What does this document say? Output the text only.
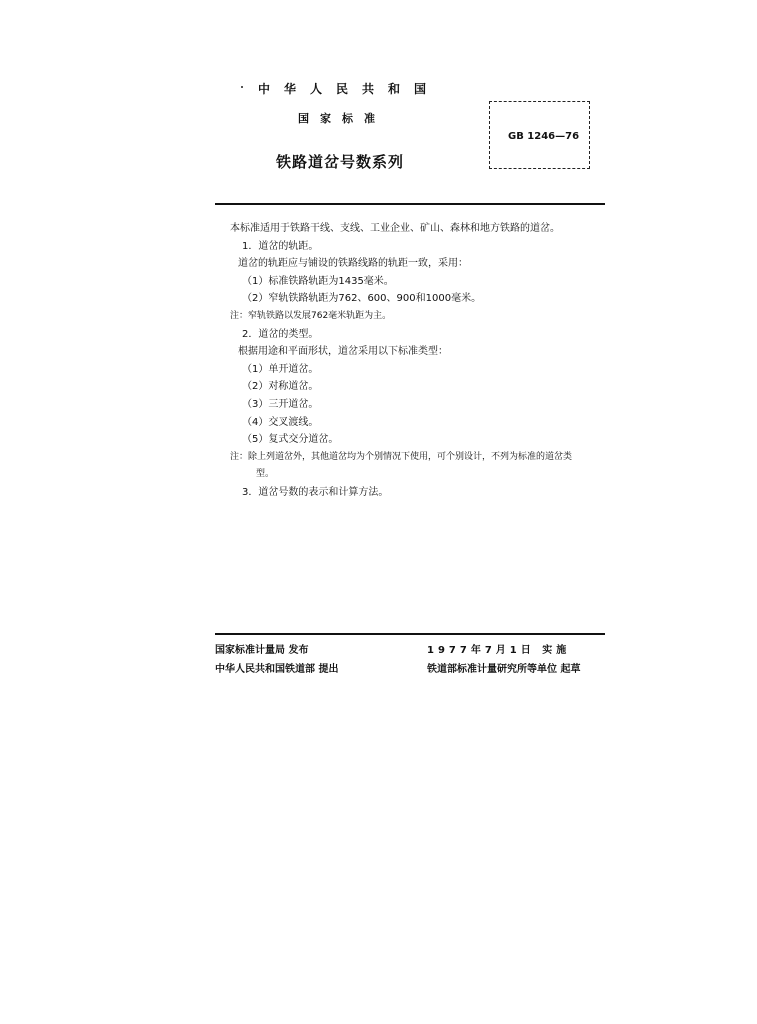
中华人民共和国
国家标准
铁路道岔号数系列
GB 1246—76
本标准适用于铁路干线、支线、工业企业、矿山、森林和地方铁路的道岔。
1．道岔的轨距。
道岔的轨距应与铺设的铁路线路的轨距一致，采用：
（1）标准铁路轨距为1435毫米。
（2）窄轨铁路轨距为762、600、900和1000毫米。
注：窄轨铁路以发展762毫米轨距为主。
2．道岔的类型。
根据用途和平面形状，道岔采用以下标准类型：
（1）单开道岔。
（2）对称道岔。
（3）三开道岔。
（4）交叉渡线。
（5）复式交分道岔。
注：除上列道岔外，其他道岔均为个别情况下使用，可个别设计，不列为标准的道岔类
型。
3．道岔号数的表示和计算方法。
国家标准计量局 发布
中华人民共和国铁道部 提出
1977年7月1日 实施
铁道部标准计量研究所等单位 起草
